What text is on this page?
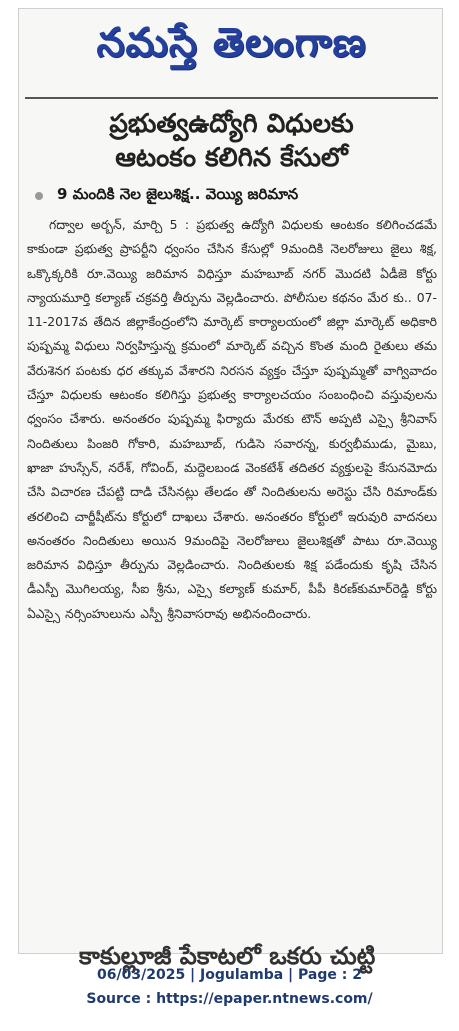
నమస్తే తెలంగాణ
ప్రభుత్వఉద్యోగి విధులకు
ఆటంకం కలిగిన కేసులో
9 మందికి నెల జైలుశిక్ష.. వెయ్యి జరిమాన
గద్వాల అర్బన్, మార్చి 5 : ప్రభుత్వ ఉద్యోగి విధులకు ఆంటకం కలిగించడమే కాకుండా ప్రభుత్వ ప్రాపర్టీని ధ్వంసం చేసిన కేసుల్లో 9మందికి నెలరోజులు జైలు శిక్ష, ఒక్కొక్కరికి రూ.వెయ్యి జరిమాన విధిస్తూ మహబూబ్ నగర్ మొదటి ఏడీజె కోర్టు న్యాయమూర్తి కల్యాణ్ చక్రవర్తి తీర్పును వెల్లడించారు. పోలీసుల కథనం మేర కు.. 07-11-2017వ తేదిన జిల్లాకేంద్రంలోని మార్కెట్ కార్యాలయంలో జిల్లా మార్కెట్ అధికారి పుష్పమ్మ విధులు నిర్వహిస్తున్న క్రమంలో మార్కెట్ వచ్చిన కొంత మంది రైతులు తమ వేరుశెనగ పంటకు ధర తక్కువ వేశారని నిరసన వ్యక్తం చేస్తూ పుష్పమ్మతో వాగ్వివాదం చేస్తూ విధులకు ఆటంకం కలిగిస్తు ప్రభుత్వ కార్యాలచయం సంబంధించి వస్తువులను ధ్వంసం చేశారు. అనంతరం పుష్పమ్మ ఫిర్యాదు మేరకు టౌన్ అప్పటి ఎస్సై శ్రీనివాస్ నిందితులు పింజరి గోకారి, మహబూబ్, గుడిసె సవారన్న, కుర్వభీముడు, మైబు, ఖాజా హుస్సేన్, నరేశ్, గోవింద్, మద్దెలబండ వెంకటేశ్ తదితర వ్యక్తులపై కేసునమోదు చేసి విచారణ చేపట్టి దాడి చేసినట్లు తేలడం తో నిందితులను అరెస్టు చేసి రిమాండ్‌కు తరలించి చార్జీషీట్‌ను కోర్టులో దాఖలు చేశారు. అనంతరం కోర్టులో ఇరువురి వాదనలు అనంతరం నిందితులు అయిన 9మందిపై నెలరోజులు జైలుశిక్షతో పాటు రూ.వెయ్యి జరిమాన విధిస్తూ తీర్పును వెల్లడించారు. నిందితులకు శిక్ష పడేందుకు కృషి చేసిన డీఎస్పీ మొగిలయ్య, సీఐ శ్రీను, ఎస్సై కల్యాణ్ కుమార్, పీపీ కిరణ్‌కుమార్‌రెడ్డి కోర్టు ఏఎస్సై నర్సింహులును ఎస్పీ శ్రీనివాసరావు అభినందించారు.
కాకుల్లూజీ పేకాటలో ఒకరు చుట్టి
06/03/2025 | Jogulamba | Page : 2
Source : https://epaper.ntnews.com/
